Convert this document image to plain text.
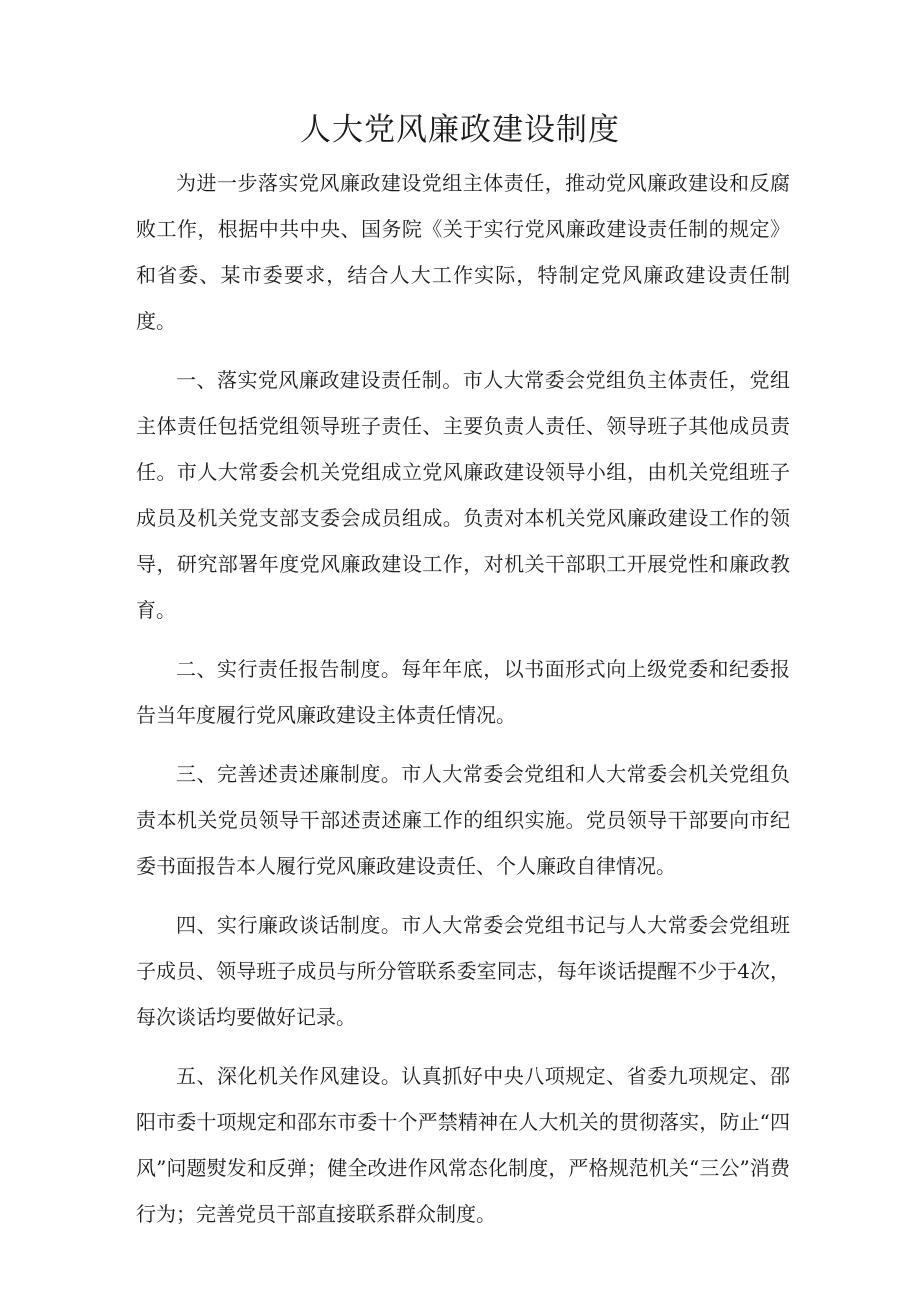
人大党风廉政建设制度

为进一步落实党风廉政建设党组主体责任，推动党风廉政建设和反腐败工作，根据中共中央、国务院《关于实行党风廉政建设责任制的规定》和省委、某市委要求，结合人大工作实际，特制定党风廉政建设责任制度。

一、落实党风廉政建设责任制。市人大常委会党组负主体责任，党组主体责任包括党组领导班子责任、主要负责人责任、领导班子其他成员责任。市人大常委会机关党组成立党风廉政建设领导小组，由机关党组班子成员及机关党支部支委会成员组成。负责对本机关党风廉政建设工作的领导，研究部署年度党风廉政建设工作，对机关干部职工开展党性和廉政教育。

二、实行责任报告制度。每年年底，以书面形式向上级党委和纪委报告当年度履行党风廉政建设主体责任情况。

三、完善述责述廉制度。市人大常委会党组和人大常委会机关党组负责本机关党员领导干部述责述廉工作的组织实施。党员领导干部要向市纪委书面报告本人履行党风廉政建设责任、个人廉政自律情况。

四、实行廉政谈话制度。市人大常委会党组书记与人大常委会党组班子成员、领导班子成员与所分管联系委室同志，每年谈话提醒不少于4次，每次谈话均要做好记录。

五、深化机关作风建设。认真抓好中央八项规定、省委九项规定、邵阳市委十项规定和邵东市委十个严禁精神在人大机关的贯彻落实，防止“四风”问题熨发和反弹；健全改进作风常态化制度，严格规范机关“三公”消费行为；完善党员干部直接联系群众制度。
